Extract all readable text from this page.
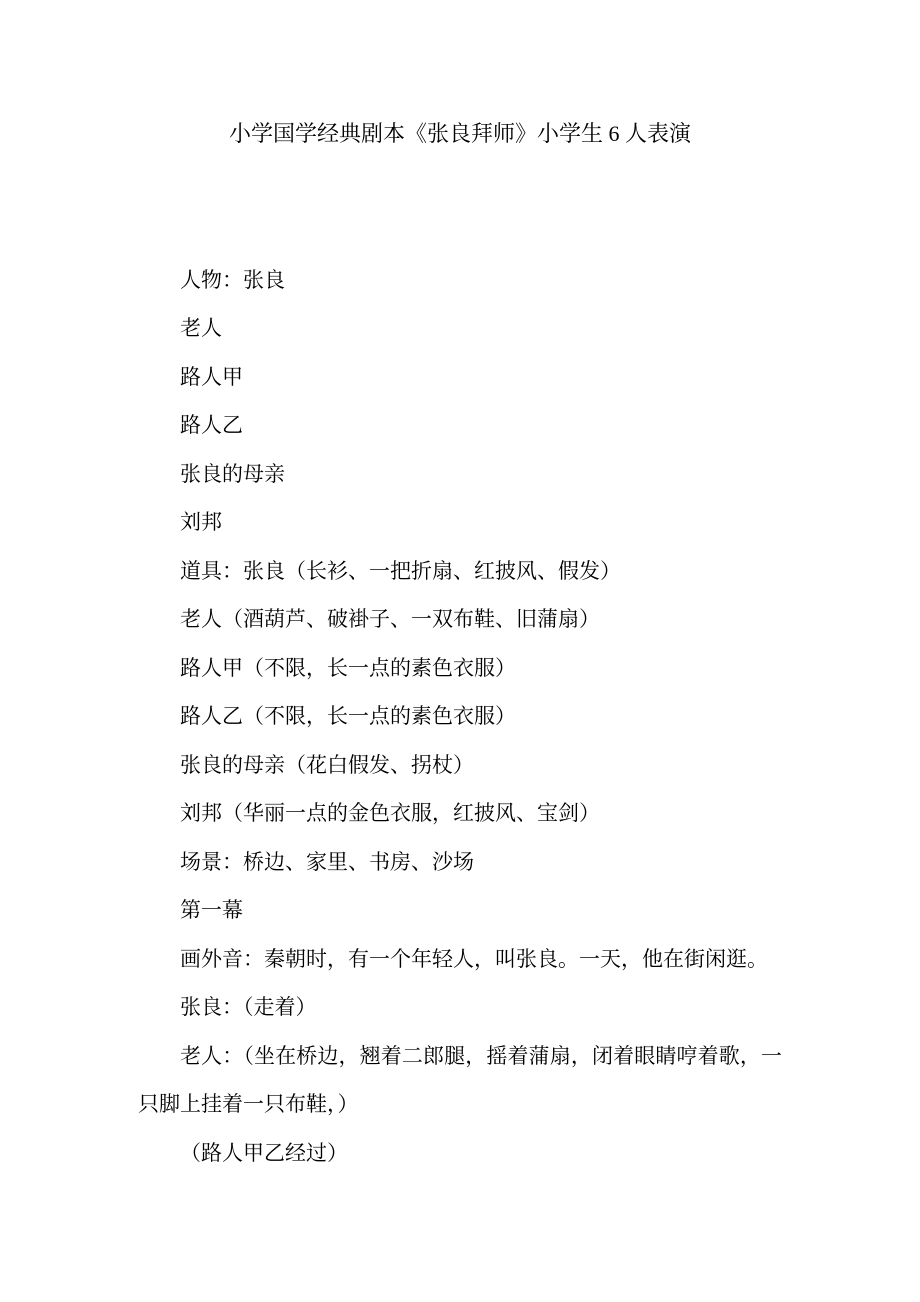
小学国学经典剧本《张良拜师》小学生 6 人表演

人物：张良

老人

路人甲

路人乙

张良的母亲

刘邦

道具：张良（长衫、一把折扇、红披风、假发）

老人（酒葫芦、破褂子、一双布鞋、旧蒲扇）

路人甲（不限，长一点的素色衣服）

路人乙（不限，长一点的素色衣服）

张良的母亲（花白假发、拐杖）

刘邦（华丽一点的金色衣服，红披风、宝剑）

场景：桥边、家里、书房、沙场

第一幕

画外音：秦朝时，有一个年轻人，叫张良。一天，他在街闲逛。

张良：（走着）

老人：（坐在桥边，翘着二郎腿，摇着蒲扇，闭着眼睛哼着歌，一只脚上挂着一只布鞋，）

（路人甲乙经过）
